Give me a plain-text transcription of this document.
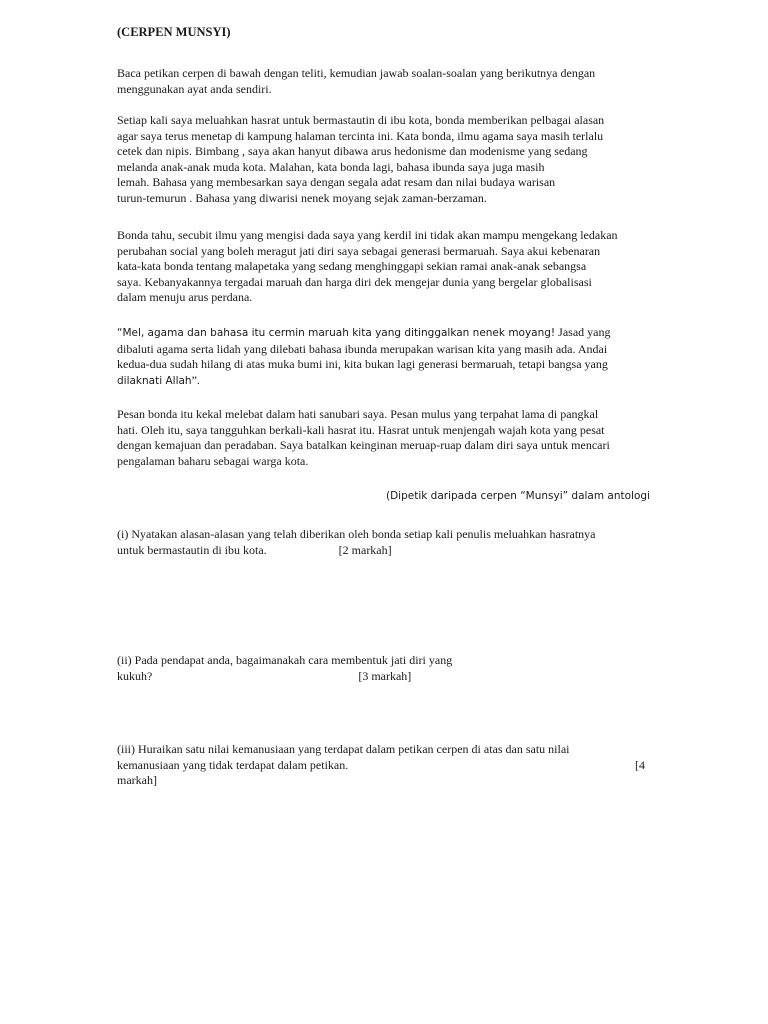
(CERPEN MUNSYI)
Baca petikan cerpen di bawah dengan teliti, kemudian jawab soalan-soalan yang berikutnya dengan
menggunakan ayat anda sendiri.
Setiap kali saya meluahkan hasrat untuk bermastautin di ibu kota, bonda memberikan pelbagai alasan
agar saya terus menetap di kampung halaman tercinta ini. Kata bonda, ilmu agama saya masih terlalu
cetek dan nipis. Bimbang , saya akan hanyut dibawa arus hedonisme dan modenisme yang sedang
melanda anak-anak muda kota. Malahan, kata bonda lagi, bahasa ibunda saya juga masih
lemah. Bahasa yang membesarkan saya dengan segala adat resam dan nilai budaya warisan
turun-temurun . Bahasa yang diwarisi nenek moyang sejak zaman-berzaman.
Bonda tahu, secubit ilmu yang mengisi dada saya yang kerdil ini tidak akan mampu mengekang ledakan
perubahan social yang boleh meragut jati diri saya sebagai generasi bermaruah. Saya akui kebenaran
kata-kata bonda tentang malapetaka yang sedang menghinggapi sekian ramai anak-anak sebangsa
saya. Kebanyakannya tergadai maruah dan harga diri dek mengejar dunia yang bergelar globalisasi
dalam menuju arus perdana.
“Mel, agama dan bahasa itu cermin maruah kita yang ditinggalkan nenek moyang! Jasad yang
dibaluti agama serta lidah yang dilebati bahasa ibunda merupakan warisan kita yang masih ada. Andai
kedua-dua sudah hilang di atas muka bumi ini, kita bukan lagi generasi bermaruah, tetapi bangsa yang
dilaknati Allah”.
Pesan bonda itu kekal melebat dalam hati sanubari saya. Pesan mulus yang terpahat lama di pangkal
hati. Oleh itu, saya tangguhkan berkali-kali hasrat itu. Hasrat untuk menjengah wajah kota yang pesat
dengan kemajuan dan peradaban. Saya batalkan keinginan meruap-ruap dalam diri saya untuk mencari
pengalaman baharu sebagai warga kota.
(Dipetik daripada cerpen “Munsyi” dalam antologi
(i) Nyatakan alasan-alasan yang telah diberikan oleh bonda setiap kali penulis meluahkan hasratnya
untuk bermastautin di ibu kota.	[2 markah]
(ii) Pada pendapat anda, bagaimanakah cara membentuk jati diri yang
kukuh?	[3 markah]
(iii) Huraikan satu nilai kemanusiaan yang terdapat dalam petikan cerpen di atas dan satu nilai
kemanusiaan yang tidak terdapat dalam petikan.	[4
markah]
